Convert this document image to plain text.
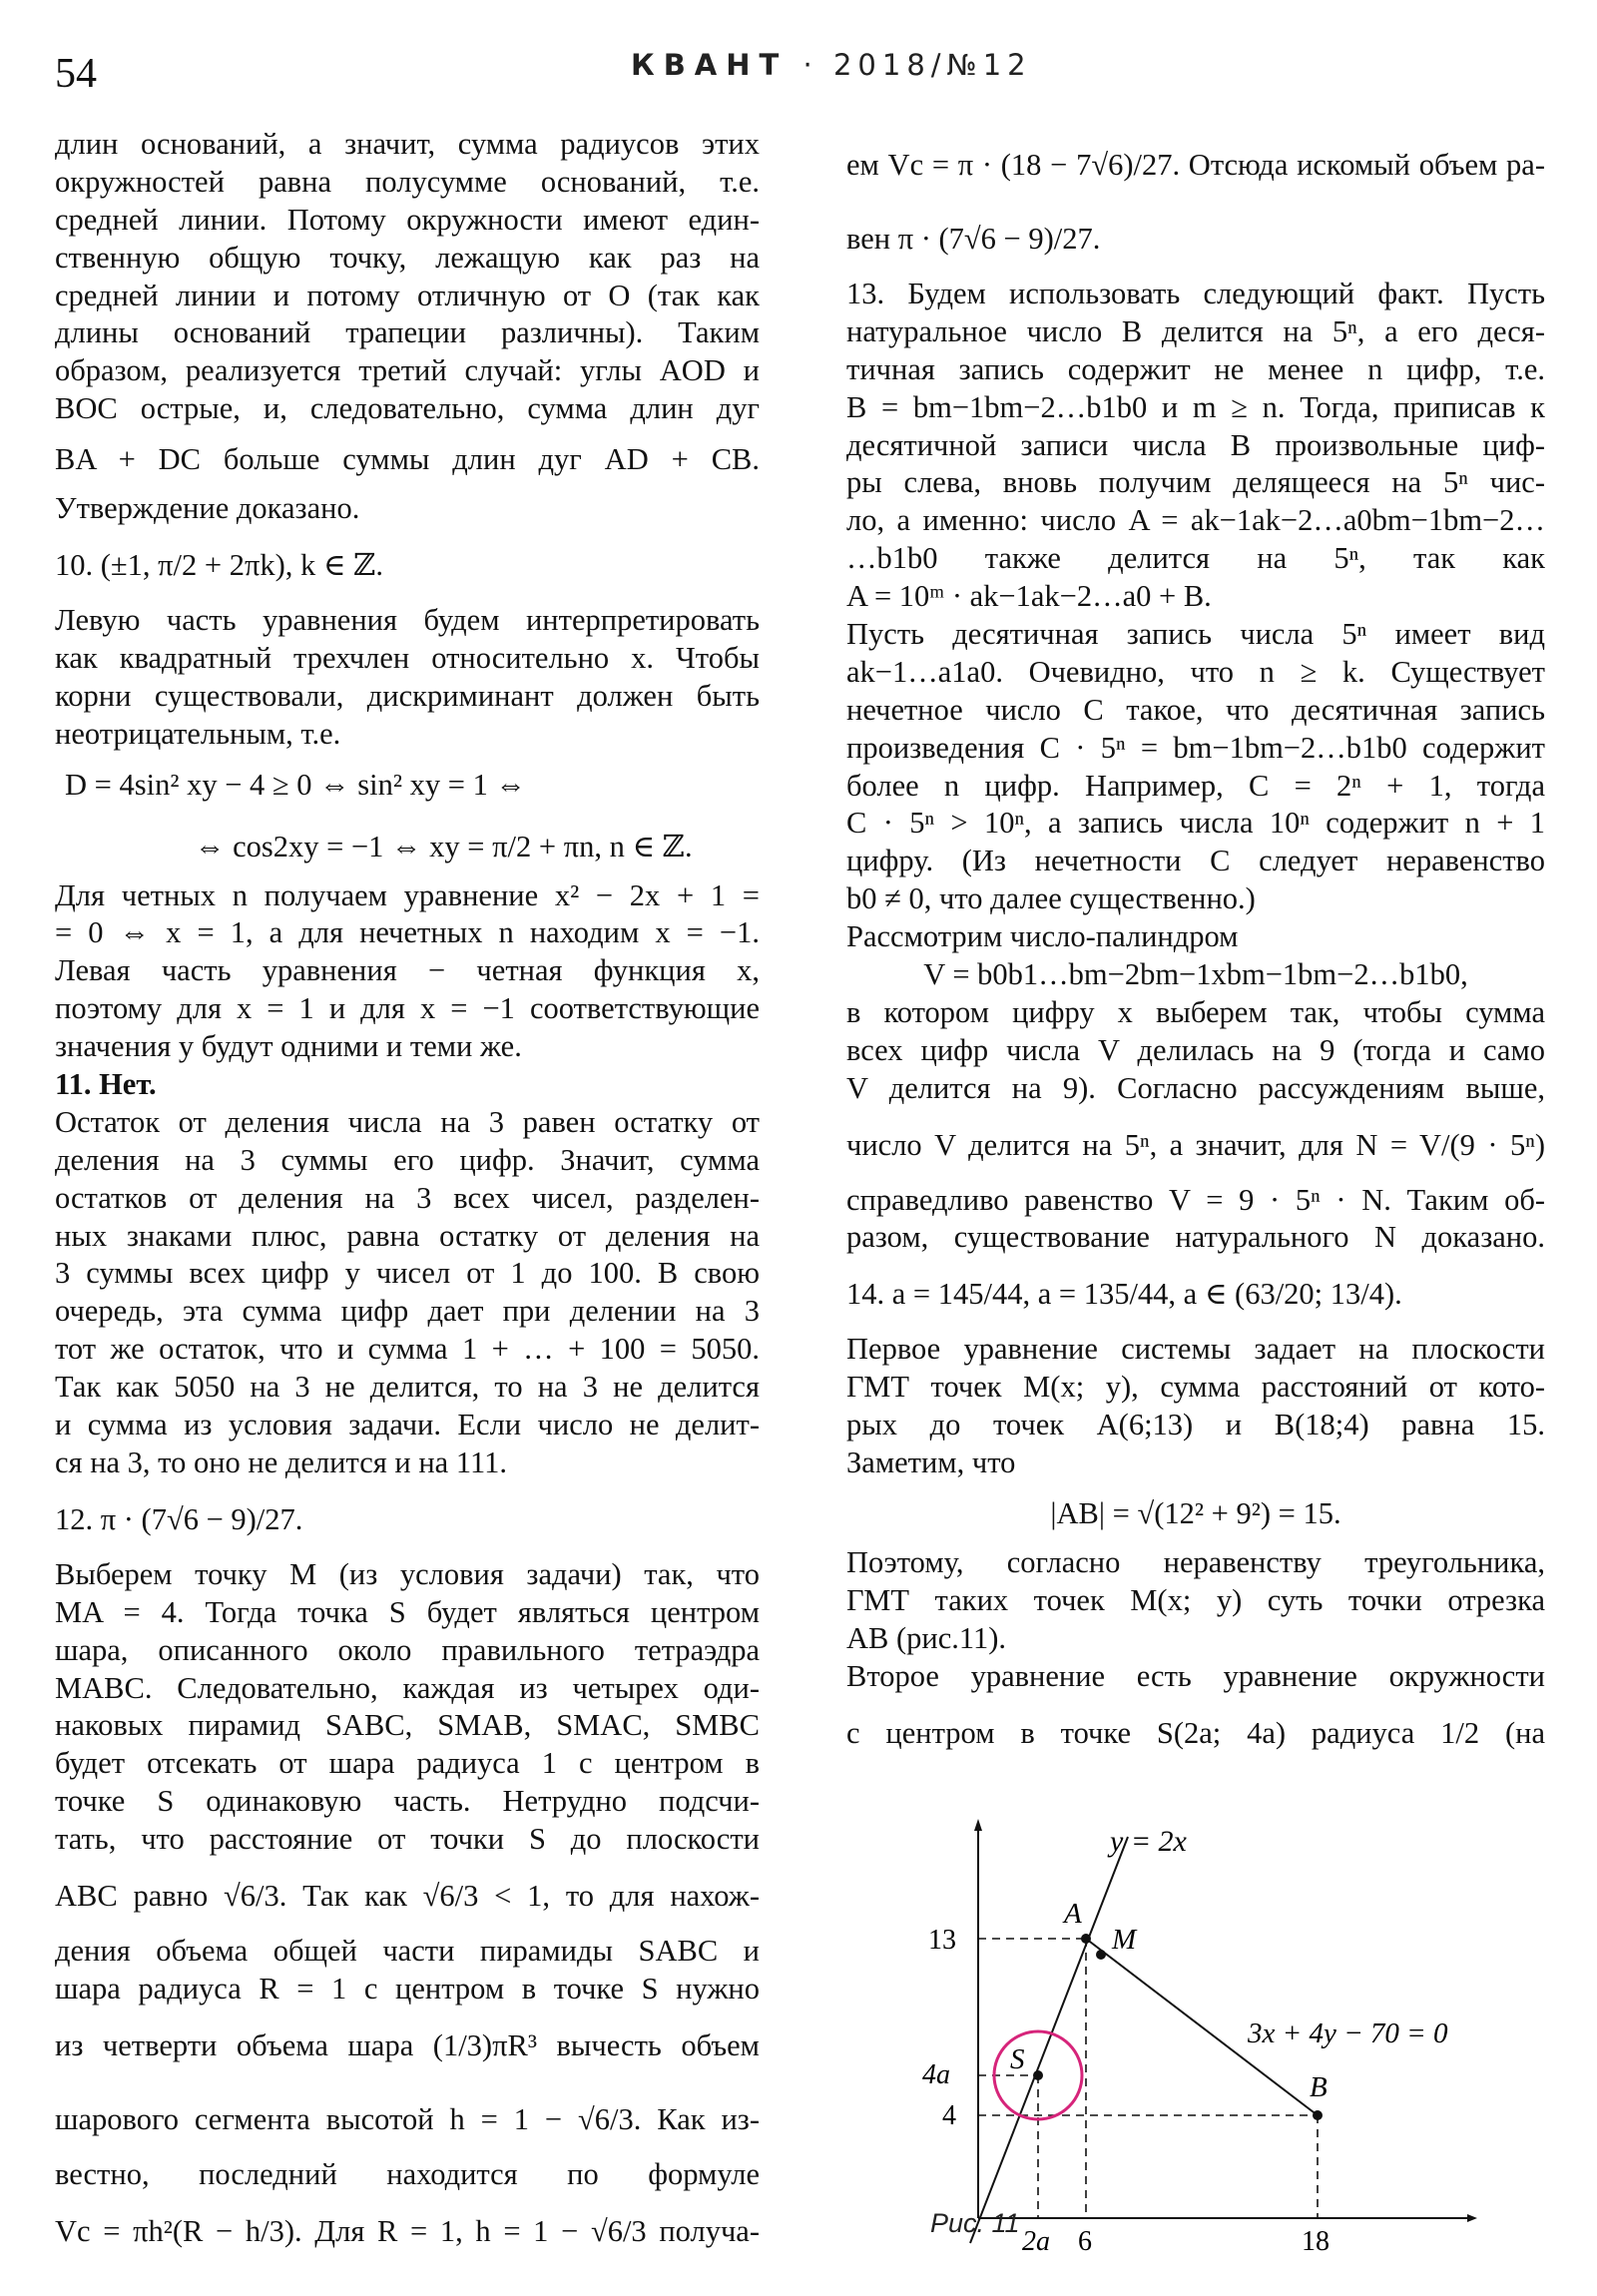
54	КВАНТ · 2018/№12
длин оснований, а значит, сумма радиусов этих
окружностей равна полусумме оснований, т.е.
средней линии. Потому окружности имеют един-
ственную общую точку, лежащую как раз на
средней линии и потому отличную от O (так как
длины оснований трапеции различны). Таким
образом, реализуется третий случай: углы AOD и
BOC острые, и, следовательно, сумма длин дуг
BA + DC больше суммы длин дуг AD + CB.
Утверждение доказано.
10. (±1, π/2 + 2πk), k ∈ ℤ.
Левую часть уравнения будем интерпретировать
как квадратный трехчлен относительно x. Чтобы
корни существовали, дискриминант должен быть
неотрицательным, т.е.
D = 4sin² xy − 4 ≥ 0 ⇔ sin² xy = 1 ⇔
⇔ cos2xy = −1 ⇔ xy = π/2 + πn, n ∈ ℤ.
Для четных n получаем уравнение x² − 2x + 1 =
= 0 ⇔ x = 1, а для нечетных n находим x = −1.
Левая часть уравнения − четная функция x,
поэтому для x = 1 и для x = −1 соответствующие
значения y будут одними и теми же.
11. Нет.
Остаток от деления числа на 3 равен остатку от
деления на 3 суммы его цифр. Значит, сумма
остатков от деления на 3 всех чисел, разделен-
ных знаками плюс, равна остатку от деления на
3 суммы всех цифр у чисел от 1 до 100. В свою
очередь, эта сумма цифр дает при делении на 3
тот же остаток, что и сумма 1 + … + 100 = 5050.
Так как 5050 на 3 не делится, то на 3 не делится
и сумма из условия задачи. Если число не делит-
ся на 3, то оно не делится и на 111.
12. π · (7√6 − 9)/27.
Выберем точку M (из условия задачи) так, что
MA = 4. Тогда точка S будет являться центром
шара, описанного около правильного тетраэдра
MABC. Следовательно, каждая из четырех оди-
наковых пирамид SABC, SMAB, SMAC, SMBC
будет отсекать от шара радиуса 1 с центром в
точке S одинаковую часть. Нетрудно подсчи-
тать, что расстояние от точки S до плоскости
ABC равно √6/3. Так как √6/3 < 1, то для нахож-
дения объема общей части пирамиды SABC и
шара радиуса R = 1 с центром в точке S нужно
из четверти объема шара (1/3)πR³ вычесть объем
шарового сегмента высотой h = 1 − √6/3. Как из-
вестно, последний находится по формуле
Vc = πh²(R − h/3). Для R = 1, h = 1 − √6/3 получа-
ем Vc = π · (18 − 7√6)/27. Отсюда искомый объем ра-
вен π · (7√6 − 9)/27.
13. Будем использовать следующий факт. Пусть
натуральное число B делится на 5ⁿ, а его деся-
тичная запись содержит не менее n цифр, т.е.
B = bm−1bm−2…b1b0 и m ≥ n. Тогда, приписав к
десятичной записи числа B произвольные циф-
ры слева, вновь получим делящееся на 5ⁿ чис-
ло, а именно: число A = ak−1ak−2…a0bm−1bm−2…
…b1b0 также делится на 5ⁿ, так как
A = 10ᵐ · ak−1ak−2…a0 + B.
Пусть десятичная запись числа 5ⁿ имеет вид
ak−1…a1a0. Очевидно, что n ≥ k. Существует
нечетное число C такое, что десятичная запись
произведения C · 5ⁿ = bm−1bm−2…b1b0 содержит
более n цифр. Например, C = 2ⁿ + 1, тогда
C · 5ⁿ > 10ⁿ, а запись числа 10ⁿ содержит n + 1
цифру. (Из нечетности C следует неравенство
b0 ≠ 0, что далее существенно.)
Рассмотрим число-палиндром
V = b0b1…bm−2bm−1xbm−1bm−2…b1b0,
в котором цифру x выберем так, чтобы сумма
всех цифр числа V делилась на 9 (тогда и само
V делится на 9). Согласно рассуждениям выше,
число V делится на 5ⁿ, а значит, для N = V/(9 · 5ⁿ)
справедливо равенство V = 9 · 5ⁿ · N. Таким об-
разом, существование натурального N доказано.
14. a = 145/44, a = 135/44, a ∈ (63/20; 13/4).
Первое уравнение системы задает на плоскости
ГМТ точек M(x; y), сумма расстояний от кото-
рых до точек A(6;13) и B(18;4) равна 15.
Заметим, что
|AB| = √(12² + 9²) = 15.
Поэтому, согласно неравенству треугольника,
ГМТ таких точек M(x; y) суть точки отрезка
AB (рис.11).
Второе уравнение есть уравнение окружности
с центром в точке S(2a; 4a) радиуса 1/2 (на
y = 2x
3x + 4y − 70 = 0
A
M
B
S
13
4a
4
2a 6	18
Рис. 11
